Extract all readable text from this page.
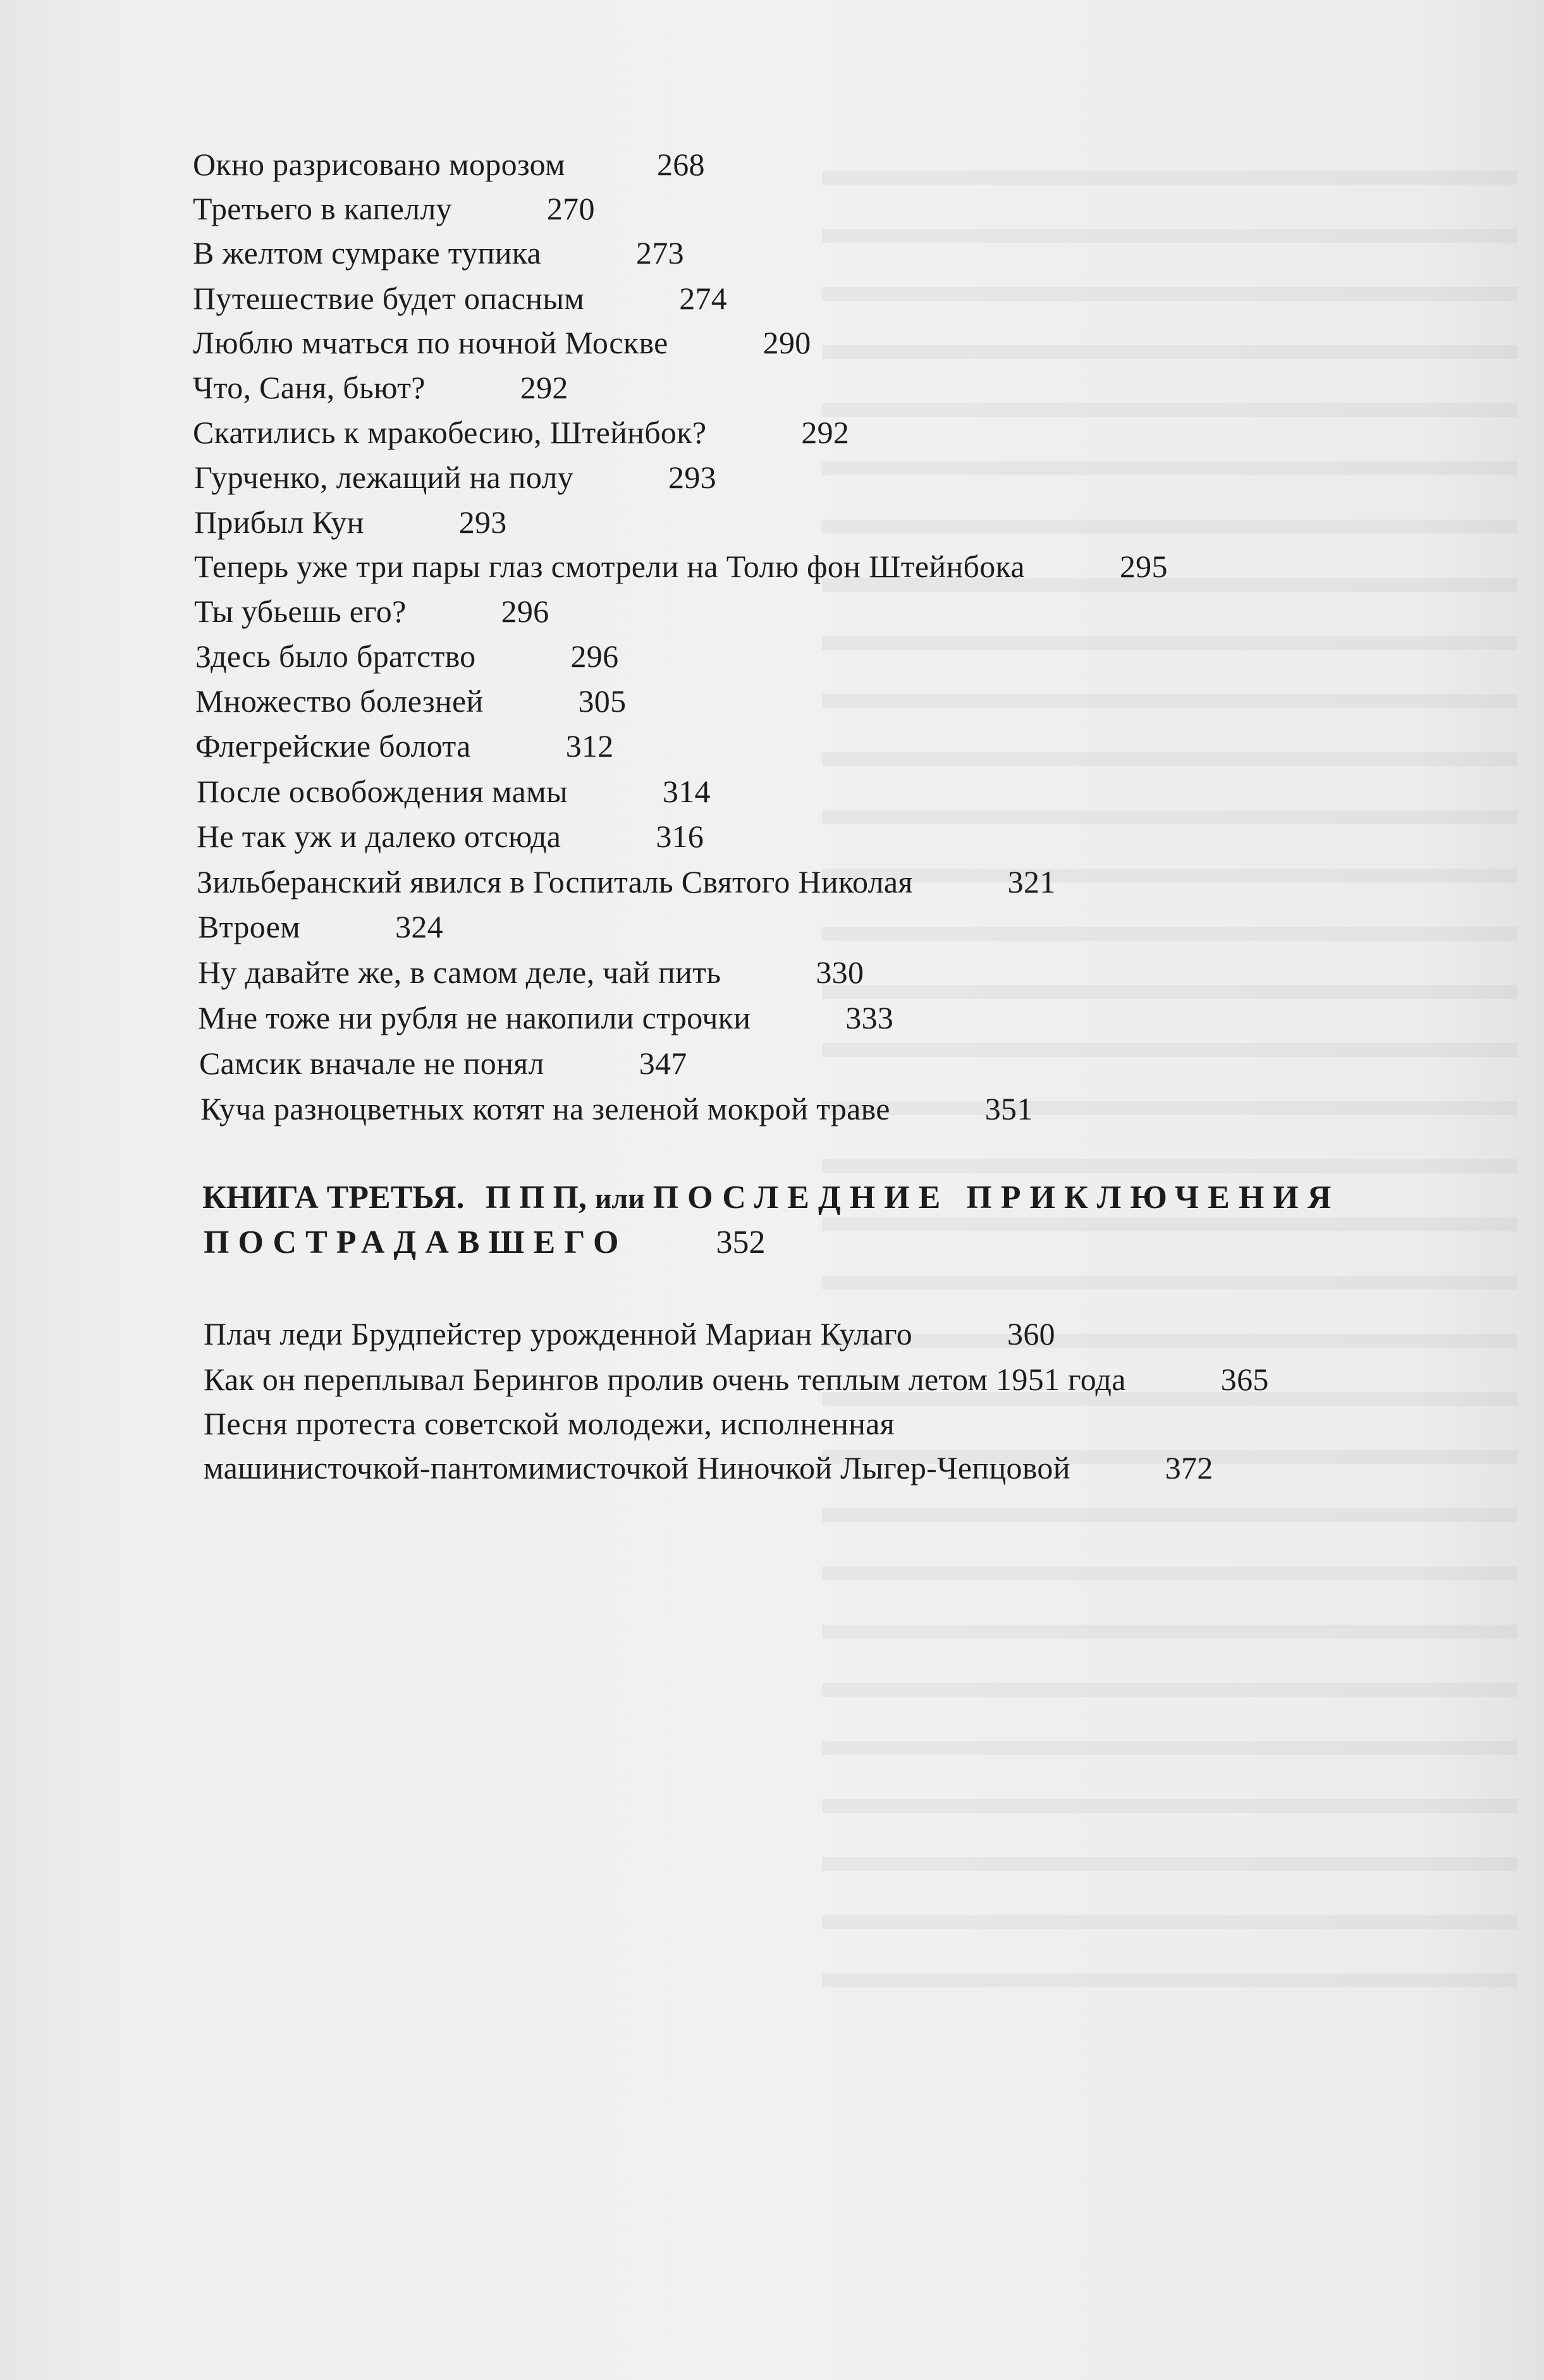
Окно разрисовано морозом	268
Третьего в капеллу	270
В желтом сумраке тупика	273
Путешествие будет опасным	274
Люблю мчаться по ночной Москве	290
Что, Саня, бьют?	292
Скатились к мракобесию, Штейнбок?	292
Гурченко, лежащий на полу	293
Прибыл Кун	293
Теперь уже три пары глаз смотрели на Толю фон Штейнбока	295
Ты убьешь его?	296
Здесь было братство	296
Множество болезней	305
Флегрейские болота	312
После освобождения мамы	314
Не так уж и далеко отсюда	316
Зильберанский явился в Госпиталь Святого Николая	321
Втроем	324
Ну давайте же, в самом деле, чай пить	330
Мне тоже ни рубля не накопили строчки	333
Самсик вначале не понял	347
Куча разноцветных котят на зеленой мокрой траве	351
КНИГА ТРЕТЬЯ. П П П, или ПОСЛЕДНИЕ ПРИКЛЮЧЕНИЯ
ПОСТРАДАВШЕГО	352
Плач леди Брудпейстер урожденной Мариан Кулаго	360
Как он переплывал Берингов пролив очень теплым летом 1951 года	365
Песня протеста советской молодежи, исполненная
машинисточкой-пантомимисточкой Ниночкой Лыгер-Чепцовой	372
